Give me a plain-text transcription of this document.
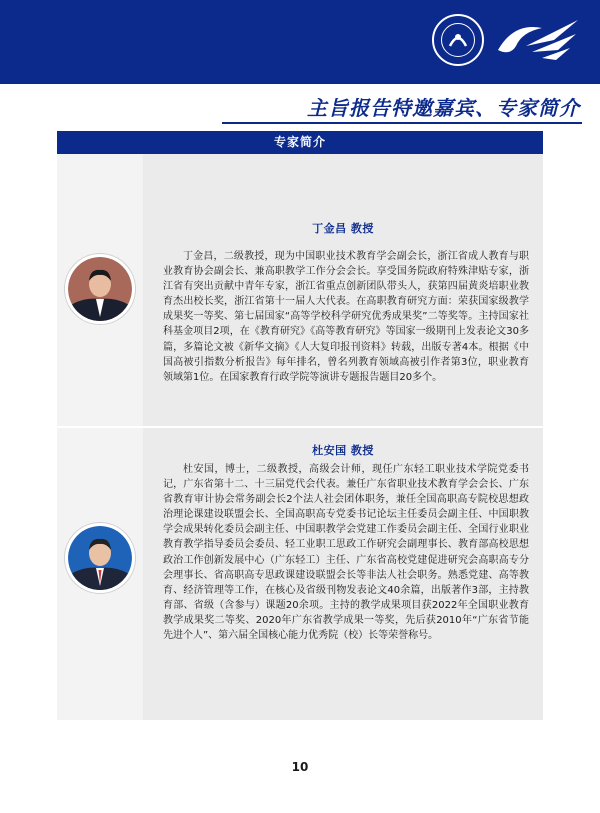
主旨报告特邀嘉宾、专家简介
专家简介
丁金昌 教授

丁金昌，二级教授，现为中国职业技术教育学会副会长，浙江省成人教育与职业教育协会副会长、兼高职教学工作分会会长。享受国务院政府特殊津贴专家，浙江省有突出贡献中青年专家，浙江省重点创新团队带头人，获第四届黄炎培职业教育杰出校长奖，浙江省第十一届人大代表。在高职教育研究方面：荣获国家级教学成果奖一等奖、第七届国家“高等学校科学研究优秀成果奖”二等奖等。主持国家社科基金项目2项，在《教育研究》《高等教育研究》等国家一级期刊上发表论文30多篇，多篇论文被《新华文摘》《人大复印报刊资料》转载，出版专著4本。根据《中国高被引指数分析报告》每年排名，曾名列教育领域高被引作者第3位，职业教育领域第1位。在国家教育行政学院等演讲专题报告题目20多个。

杜安国 教授

杜安国，博士，二级教授，高级会计师，现任广东轻工职业技术学院党委书记，广东省第十二、十三届党代会代表。兼任广东省职业技术教育学会会长、广东省教育审计协会常务副会长2个法人社会团体职务，兼任全国高职高专院校思想政治理论课建设联盟会长、全国高职高专党委书记论坛主任委员会副主任、中国职教学会成果转化委员会副主任、中国职教学会党建工作委员会副主任、全国行业职业教育教学指导委员会委员、轻工业职工思政工作研究会副理事长、教育部高校思想政治工作创新发展中心（广东轻工）主任、广东省高校党建促进研究会高职高专分会理事长、省高职高专思政课建设联盟会长等非法人社会职务。熟悉党建、高等教育、经济管理等工作，在核心及省级刊物发表论文40余篇，出版著作3部，主持教育部、省级（含参与）课题20余项。主持的教学成果项目获2022年全国职业教育教学成果奖二等奖、2020年广东省教学成果一等奖，先后获2010年“广东省节能先进个人”、第六届全国核心能力优秀院（校）长等荣誉称号。

10
